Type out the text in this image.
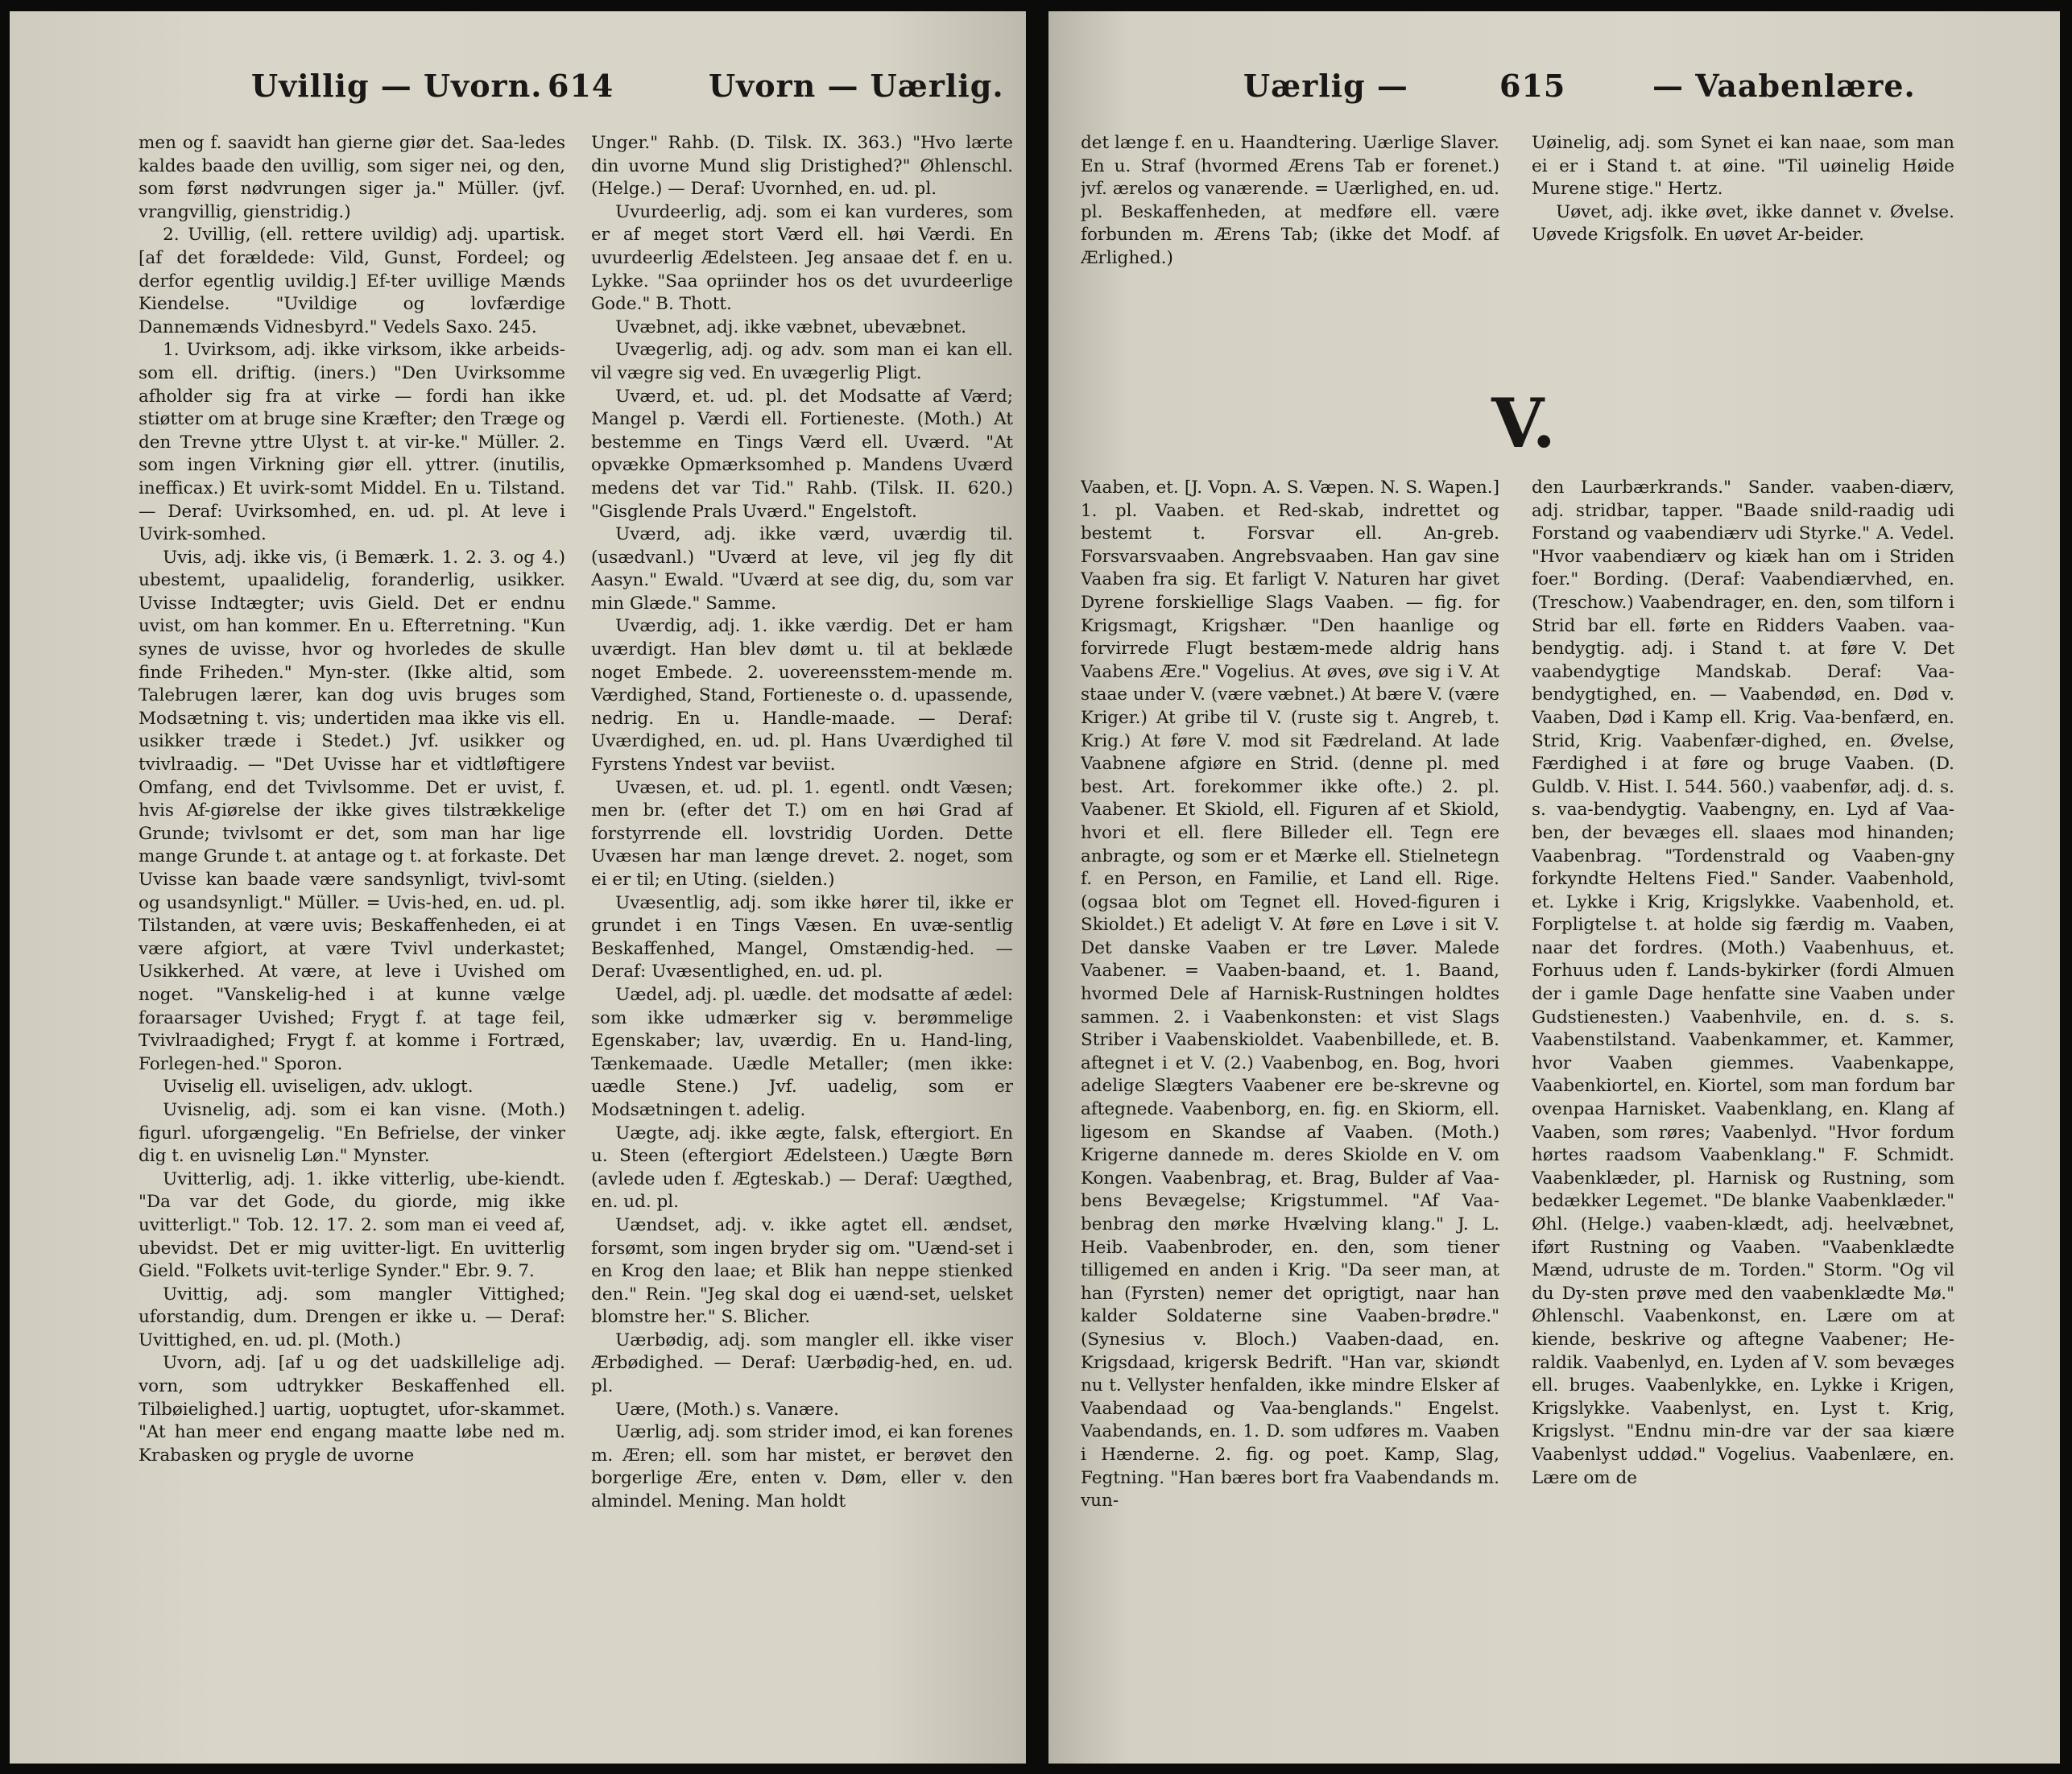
Uvillig — Uvorn. 614	Uvorn — Uærlig.

men og f. saavidt han gierne giør det. Saa-ledes kaldes baade den uvillig, som siger nei, og den, som først nødvrungen siger ja." Müller. (jvf. vrangvillig, gienstridig.)

2. Uvillig, (ell. rettere uvildig) adj. upartisk. [af det forældede: Vild, Gunst, Fordeel; og derfor egentlig uvildig.] Ef-ter uvillige Mænds Kiendelse. "Uvildige og lovfærdige Dannemænds Vidnesbyrd." Vedels Saxo. 245.

1. Uvirksom, adj. ikke virksom, ikke arbeids-som ell. driftig. (iners.) "Den Uvirksomme afholder sig fra at virke — fordi han ikke stiøtter om at bruge sine Kræfter; den Træge og den Trevne yttre Ulyst t. at vir-ke." Müller. 2. som ingen Virkning giør ell. yttrer. (inutilis, inefficax.) Et uvirk-somt Middel. En u. Tilstand. — Deraf: Uvirksomhed, en. ud. pl. At leve i Uvirk-somhed.

Uvis, adj. ikke vis, (i Bemærk. 1. 2. 3. og 4.) ubestemt, upaalidelig, foranderlig, usikker. Uvisse Indtægter; uvis Gield. Det er endnu uvist, om han kommer. En u. Efterretning. "Kun synes de uvisse, hvor og hvorledes de skulle finde Friheden." Myn-ster. (Ikke altid, som Talebrugen lærer, kan dog uvis bruges som Modsætning t. vis; undertiden maa ikke vis ell. usikker træde i Stedet.) Jvf. usikker og tvivlraadig. — "Det Uvisse har et vidtløftigere Omfang, end det Tvivlsomme. Det er uvist, f. hvis Af-giørelse der ikke gives tilstrækkelige Grunde; tvivlsomt er det, som man har lige mange Grunde t. at antage og t. at forkaste. Det Uvisse kan baade være sandsynligt, tvivl-somt og usandsynligt." Müller. = Uvis-hed, en. ud. pl. Tilstanden, at være uvis; Beskaffenheden, ei at være afgiort, at være Tvivl underkastet; Usikkerhed. At være, at leve i Uvished om noget. "Vanskelig-hed i at kunne vælge foraarsager Uvished; Frygt f. at tage feil, Tvivlraadighed; Frygt f. at komme i Fortræd, Forlegen-hed." Sporon.

Uviselig ell. uviseligen, adv. uklogt.

Uvisnelig, adj. som ei kan visne. (Moth.) figurl. uforgængelig. "En Befrielse, der vinker dig t. en uvisnelig Løn." Mynster.

Uvitterlig, adj. 1. ikke vitterlig, ube-kiendt. "Da var det Gode, du giorde, mig ikke uvitterligt." Tob. 12. 17. 2. som man ei veed af, ubevidst. Det er mig uvitter-ligt. En uvitterlig Gield. "Folkets uvit-terlige Synder." Ebr. 9. 7.

Uvittig, adj. som mangler Vittighed; uforstandig, dum. Drengen er ikke u. — Deraf: Uvittighed, en. ud. pl. (Moth.)

Uvorn, adj. [af u og det uadskillelige adj. vorn, som udtrykker Beskaffenhed ell. Tilbøielighed.] uartig, uoptugtet, ufor-skammet. "At han meer end engang maatte løbe ned m. Krabasken og prygle de uvorne

Unger." Rahb. (D. Tilsk. IX. 363.) "Hvo lærte din uvorne Mund slig Dristighed?" Øhlenschl. (Helge.) — Deraf: Uvornhed, en. ud. pl.

Uvurdeerlig, adj. som ei kan vurderes, som er af meget stort Værd ell. høi Værdi. En uvurdeerlig Ædelsteen. Jeg ansaae det f. en u. Lykke. "Saa opriinder hos os det uvurdeerlige Gode." B. Thott.

Uvæbnet, adj. ikke væbnet, ubevæbnet.

Uvægerlig, adj. og adv. som man ei kan ell. vil vægre sig ved. En uvægerlig Pligt.

Uværd, et. ud. pl. det Modsatte af Værd; Mangel p. Værdi ell. Fortieneste. (Moth.) At bestemme en Tings Værd ell. Uværd. "At opvække Opmærksomhed p. Mandens Uværd medens det var Tid." Rahb. (Tilsk. II. 620.) "Gisglende Prals Uværd." Engelstoft.

Uværd, adj. ikke værd, uværdig til. (usædvanl.) "Uværd at leve, vil jeg fly dit Aasyn." Ewald. "Uværd at see dig, du, som var min Glæde." Samme.

Uværdig, adj. 1. ikke værdig. Det er ham uværdigt. Han blev dømt u. til at beklæde noget Embede. 2. uovereensstem-mende m. Værdighed, Stand, Fortieneste o. d. upassende, nedrig. En u. Handle-maade. — Deraf: Uværdighed, en. ud. pl. Hans Uværdighed til Fyrstens Yndest var beviist.

Uvæsen, et. ud. pl. 1. egentl. ondt Væsen; men br. (efter det T.) om en høi Grad af forstyrrende ell. lovstridig Uorden. Dette Uvæsen har man længe drevet. 2. noget, som ei er til; en Uting. (sielden.)

Uvæsentlig, adj. som ikke hører til, ikke er grundet i en Tings Væsen. En uvæ-sentlig Beskaffenhed, Mangel, Omstændig-hed. — Deraf: Uvæsentlighed, en. ud. pl.

Uædel, adj. pl. uædle. det modsatte af ædel: som ikke udmærker sig v. berømmelige Egenskaber; lav, uværdig. En u. Hand-ling, Tænkemaade. Uædle Metaller; (men ikke: uædle Stene.) Jvf. uadelig, som er Modsætningen t. adelig.

Uægte, adj. ikke ægte, falsk, eftergiort. En u. Steen (eftergiort Ædelsteen.) Uægte Børn (avlede uden f. Ægteskab.) — Deraf: Uægthed, en. ud. pl.

Uændset, adj. v. ikke agtet ell. ændset, forsømt, som ingen bryder sig om. "Uænd-set i en Krog den laae; et Blik han neppe stienked den." Rein. "Jeg skal dog ei uænd-set, uelsket blomstre her." S. Blicher.

Uærbødig, adj. som mangler ell. ikke viser Ærbødighed. — Deraf: Uærbødig-hed, en. ud. pl.

Uære, (Moth.) s. Vanære.

Uærlig, adj. som strider imod, ei kan forenes m. Æren; ell. som har mistet, er berøvet den borgerlige Ære, enten v. Døm, eller v. den almindel. Mening. Man holdt

Uærlig —	615	— Vaabenlære.

det længe f. en u. Haandtering. Uærlige Slaver. En u. Straf (hvormed Ærens Tab er forenet.) jvf. ærelos og vanærende. = Uærlighed, en. ud. pl. Beskaffenheden, at medføre ell. være forbunden m. Ærens Tab; (ikke det Modf. af Ærlighed.)

Uøinelig, adj. som Synet ei kan naae, som man ei er i Stand t. at øine. "Til uøinelig Høide Murene stige." Hertz.

Uøvet, adj. ikke øvet, ikke dannet v. Øvelse. Uøvede Krigsfolk. En uøvet Ar-beider.

V.

Vaaben, et. [J. Vopn. A. S. Væpen. N. S. Wapen.] 1. pl. Vaaben. et Red-skab, indrettet og bestemt t. Forsvar ell. An-greb. Forsvarsvaaben. Angrebsvaaben. Han gav sine Vaaben fra sig. Et farligt V. Naturen har givet Dyrene forskiellige Slags Vaaben. — fig. for Krigsmagt, Krigshær. "Den haanlige og forvirrede Flugt bestæm-mede aldrig hans Vaabens Ære." Vogelius. At øves, øve sig i V. At staae under V. (være væbnet.) At bære V. (være Kriger.) At gribe til V. (ruste sig t. Angreb, t. Krig.) At føre V. mod sit Fædreland. At lade Vaabnene afgiøre en Strid. (denne pl. med best. Art. forekommer ikke ofte.) 2. pl. Vaabener. Et Skiold, ell. Figuren af et Skiold, hvori et ell. flere Billeder ell. Tegn ere anbragte, og som er et Mærke ell. Stielnetegn f. en Person, en Familie, et Land ell. Rige. (ogsaa blot om Tegnet ell. Hoved-figuren i Skioldet.) Et adeligt V. At føre en Løve i sit V. Det danske Vaaben er tre Løver. Malede Vaabener. = Vaaben-baand, et. 1. Baand, hvormed Dele af Harnisk-Rustningen holdtes sammen. 2. i Vaabenkonsten: et vist Slags Striber i Vaabenskioldet. Vaabenbillede, et. B. aftegnet i et V. (2.) Vaabenbog, en. Bog, hvori adelige Slægters Vaabener ere be-skrevne og aftegnede. Vaabenborg, en. fig. en Skiorm, ell. ligesom en Skandse af Vaaben. (Moth.) Krigerne dannede m. deres Skiolde en V. om Kongen. Vaabenbrag, et. Brag, Bulder af Vaa-bens Bevægelse; Krigstummel. "Af Vaa-benbrag den mørke Hvælving klang." J. L. Heib. Vaabenbroder, en. den, som tiener tilligemed en anden i Krig. "Da seer man, at han (Fyrsten) nemer det oprigtigt, naar han kalder Soldaterne sine Vaaben-brødre." (Synesius v. Bloch.) Vaaben-daad, en. Krigsdaad, krigersk Bedrift. "Han var, skiøndt nu t. Vellyster henfalden, ikke mindre Elsker af Vaabendaad og Vaa-benglands." Engelst. Vaabendands, en. 1. D. som udføres m. Vaaben i Hænderne. 2. fig. og poet. Kamp, Slag, Fegtning. "Han bæres bort fra Vaabendands m. vun-

den Laurbærkrands." Sander. vaaben-diærv, adj. stridbar, tapper. "Baade snild-raadig udi Forstand og vaabendiærv udi Styrke." A. Vedel. "Hvor vaabendiærv og kiæk han om i Striden foer." Bording. (Deraf: Vaabendiærvhed, en. (Treschow.) Vaabendrager, en. den, som tilforn i Strid bar ell. førte en Ridders Vaaben. vaa-bendygtig. adj. i Stand t. at føre V. Det vaabendygtige Mandskab. Deraf: Vaa-bendygtighed, en. — Vaabendød, en. Død v. Vaaben, Død i Kamp ell. Krig. Vaa-benfærd, en. Strid, Krig. Vaabenfær-dighed, en. Øvelse, Færdighed i at føre og bruge Vaaben. (D. Guldb. V. Hist. I. 544. 560.) vaabenfør, adj. d. s. s. vaa-bendygtig. Vaabengny, en. Lyd af Vaa-ben, der bevæges ell. slaaes mod hinanden; Vaabenbrag. "Tordenstrald og Vaaben-gny forkyndte Heltens Fied." Sander. Vaabenhold, et. Lykke i Krig, Krigslykke. Vaabenhold, et. Forpligtelse t. at holde sig færdig m. Vaaben, naar det fordres. (Moth.) Vaabenhuus, et. Forhuus uden f. Lands-bykirker (fordi Almuen der i gamle Dage henfatte sine Vaaben under Gudstienesten.) Vaabenhvile, en. d. s. s. Vaabenstilstand. Vaabenkammer, et. Kammer, hvor Vaaben giemmes. Vaabenkappe, Vaabenkiortel, en. Kiortel, som man fordum bar ovenpaa Harnisket. Vaabenklang, en. Klang af Vaaben, som røres; Vaabenlyd. "Hvor fordum hørtes raadsom Vaabenklang." F. Schmidt. Vaabenklæder, pl. Harnisk og Rustning, som bedækker Legemet. "De blanke Vaabenklæder." Øhl. (Helge.) vaaben-klædt, adj. heelvæbnet, iført Rustning og Vaaben. "Vaabenklædte Mænd, udruste de m. Torden." Storm. "Og vil du Dy-sten prøve med den vaabenklædte Mø." Øhlenschl. Vaabenkonst, en. Lære om at kiende, beskrive og aftegne Vaabener; He-raldik. Vaabenlyd, en. Lyden af V. som bevæges ell. bruges. Vaabenlykke, en. Lykke i Krigen, Krigslykke. Vaabenlyst, en. Lyst t. Krig, Krigslyst. "Endnu min-dre var der saa kiære Vaabenlyst uddød." Vogelius. Vaabenlære, en. Lære om de
